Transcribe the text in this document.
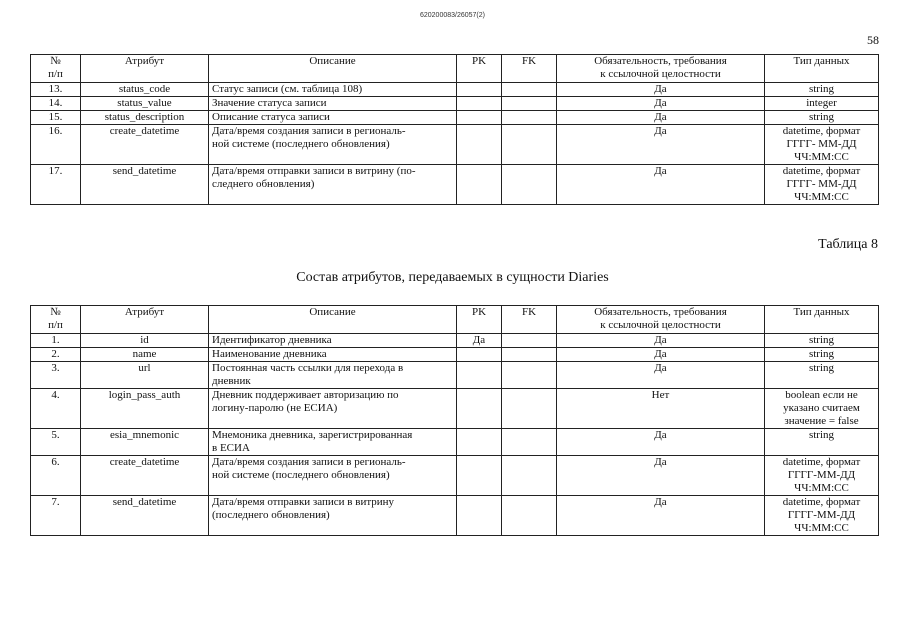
620200083/26057(2)
58
№
п/п	Атрибут	Описание	PK	FK	Обязательность, требования
к ссылочной целостности	Тип данных
13.	status_code	Статус записи (см. таблица 108)			Да	string
14.	status_value	Значение статуса записи			Да	integer
15.	status_description	Описание статуса записи			Да	string
16.	create_datetime	Дата/время создания записи в региональ-
ной системе (последнего обновления)			Да	datetime, формат
ГГГГ- ММ-ДД
ЧЧ:ММ:СС
17.	send_datetime	Дата/время отправки записи в витрину (по-
следнего обновления)			Да	datetime, формат
ГГГГ- ММ-ДД
ЧЧ:ММ:СС
Таблица 8
Состав атрибутов, передаваемых в сущности Diaries
№
п/п	Атрибут	Описание	PK	FK	Обязательность, требования
к ссылочной целостности	Тип данных
1.	id	Идентификатор дневника	Да		Да	string
2.	name	Наименование дневника			Да	string
3.	url	Постоянная часть ссылки для перехода в
дневник			Да	string
4.	login_pass_auth	Дневник поддерживает авторизацию по
логину-паролю (не ЕСИА)			Нет	boolean если не
указано считаем
значение = false
5.	esia_mnemonic	Мнемоника дневника, зарегистрированная
в ЕСИА			Да	string
6.	create_datetime	Дата/время создания записи в региональ-
ной системе (последнего обновления)			Да	datetime, формат
ГГГГ-ММ-ДД
ЧЧ:ММ:СС
7.	send_datetime	Дата/время отправки записи в витрину
(последнего обновления)			Да	datetime, формат
ГГГГ-ММ-ДД
ЧЧ:ММ:СС
